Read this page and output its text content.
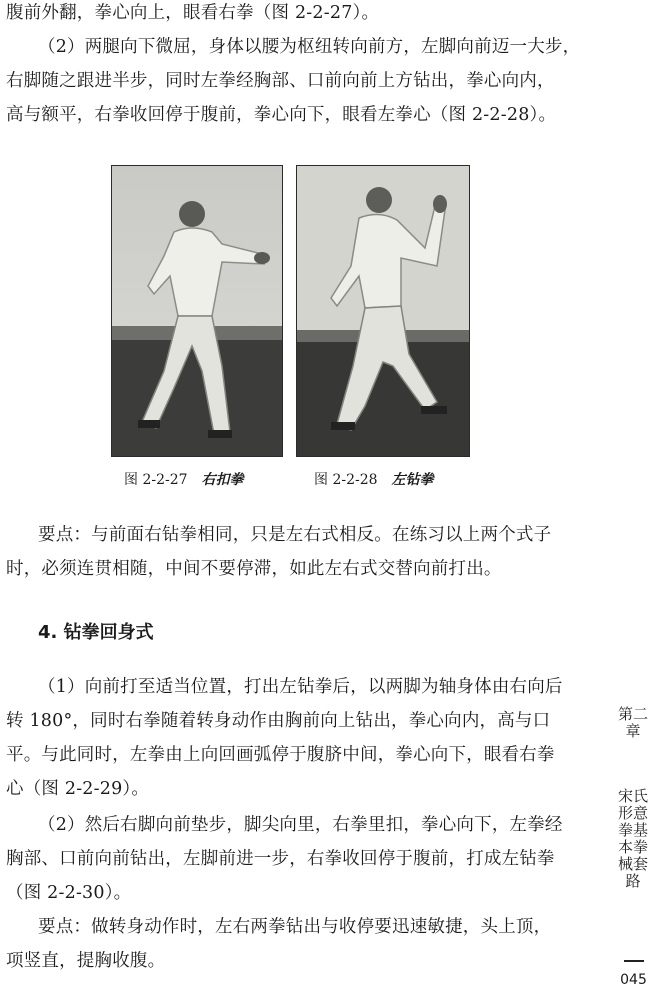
腹前外翻，拳心向上，眼看右拳（图 2-2-27）。

（2）两腿向下微屈，身体以腰为枢纽转向前方，左脚向前迈一大步，
右脚随之跟进半步，同时左拳经胸部、口前向前上方钻出，拳心向内，
高与额平，右拳收回停于腹前，拳心向下，眼看左拳心（图 2-2-28）。

图 2-2-27 右扣拳	图 2-2-28 左钻拳

要点：与前面右钻拳相同，只是左右式相反。在练习以上两个式子
时，必须连贯相随，中间不要停滞，如此左右式交替向前打出。

4. 钻拳回身式

（1）向前打至适当位置，打出左钻拳后，以两脚为轴身体由右向后
转 180°，同时右拳随着转身动作由胸前向上钻出，拳心向内，高与口
平。与此同时，左拳由上向回画弧停于腹脐中间，拳心向下，眼看右拳
心（图 2-2-29）。

（2）然后右脚向前垫步，脚尖向里，右拳里扣，拳心向下，左拳经
胸部、口前向前钻出，左脚前进一步，右拳收回停于腹前，打成左钻拳
（图 2-2-30）。

要点：做转身动作时，左右两拳钻出与收停要迅速敏捷，头上顶，
项竖直，提胸收腹。

第二章

宋氏形意拳基本拳械套路

045
